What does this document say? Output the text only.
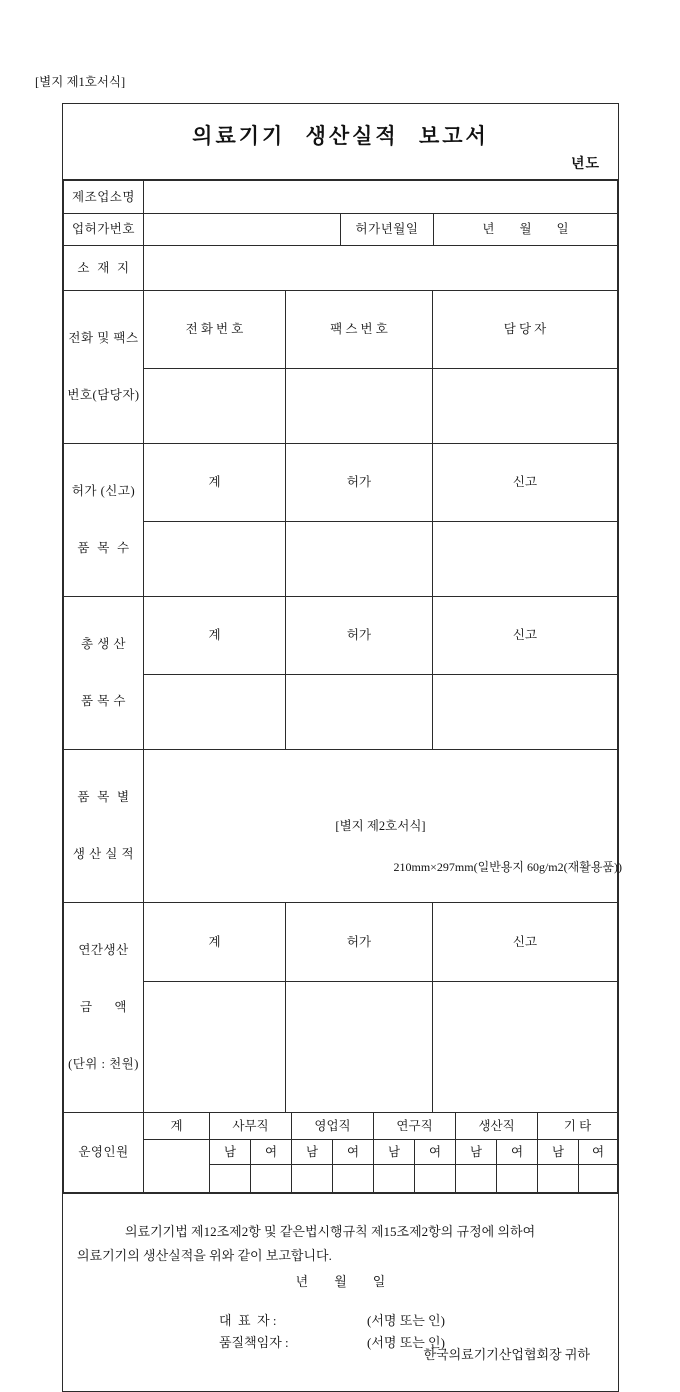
[별지 제1호서식]
의료기기 생산실적 보고서
년도
제조업소명	
업허가번호		허가년월일	년        월        일
소  재  지	

전화 및 팩스

번호(담당자)	전 화 번 호	팩 스 번 호	담 당 자

허가 (신고)

품  목  수	계	허가	신고

총 생 산

품 목 수	계	허가	신고

품  목  별

생 산 실 적

	[별지 제2호서식]

연간생산

금      액

(단위 : 천원)	계	허가	신고

운영인원	계	사무직		영업직		연구직		생산직		기 타	
		남	여	남	여	남	여	남	여	남	여

의료기기법 제12조제2항 및 같은법시행규칙 제15조제2항의 규정에 의하여
의료기기의 생산실적을 위와 같이 보고합니다.
년        월        일
대  표  자 :	(서명 또는 인)
품질책임자 :	(서명 또는 인)
한국의료기기산업협회장 귀하
210mm×297mm(일반용지 60g/m2(재활용품))
